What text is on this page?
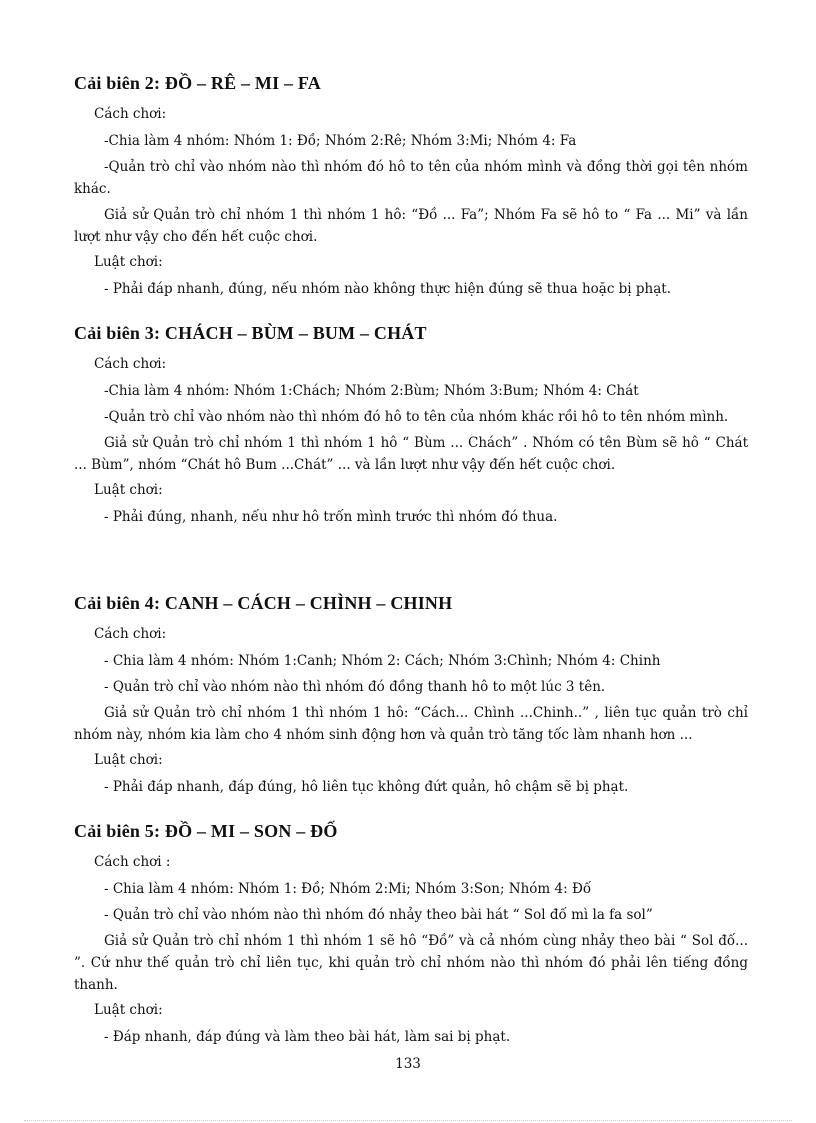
Cải biên 2: ĐỒ – RÊ – MI – FA

Cách chơi:

-Chia làm 4 nhóm: Nhóm 1: Đồ; Nhóm 2:Rê; Nhóm 3:Mi; Nhóm 4: Fa

-Quản trò chỉ vào nhóm nào thì nhóm đó hô to tên của nhóm mình và đồng thời gọi tên nhóm khác.

Giả sử Quản trò chỉ nhóm 1 thì nhóm 1 hô: “Đồ ... Fa”; Nhóm Fa sẽ hô to “ Fa ... Mi” và lần lượt như vậy cho đến hết cuộc chơi.

Luật chơi:

- Phải đáp nhanh, đúng, nếu nhóm nào không thực hiện đúng sẽ thua hoặc bị phạt.

Cải biên 3: CHÁCH – BÙM – BUM – CHÁT

Cách chơi:

-Chia làm 4 nhóm: Nhóm 1:Chách; Nhóm 2:Bùm; Nhóm 3:Bum; Nhóm 4: Chát

-Quản trò chỉ vào nhóm nào thì nhóm đó hô to tên của nhóm khác rồi hô to tên nhóm mình.

Giả sử Quản trò chỉ nhóm 1 thì nhóm 1 hô “ Bùm ... Chách” . Nhóm có tên Bùm sẽ hô “ Chát ... Bùm”, nhóm “Chát hô Bum ...Chát” ... và lần lượt như vậy đến hết cuộc chơi.

Luật chơi:

- Phải đúng, nhanh, nếu như hô trốn mình trước thì nhóm đó thua.

Cải biên 4: CANH – CÁCH – CHÌNH – CHINH

Cách chơi:

- Chia làm 4 nhóm: Nhóm 1:Canh; Nhóm 2: Cách; Nhóm 3:Chình; Nhóm 4: Chinh

- Quản trò chỉ vào nhóm nào thì nhóm đó đồng thanh hô to một lúc 3 tên.

Giả sử Quản trò chỉ nhóm 1 thì nhóm 1 hô: “Cách... Chình ...Chinh..” , liên tục quản trò chỉ nhóm này, nhóm kia làm cho 4 nhóm sinh động hơn và quản trò tăng tốc làm nhanh hơn ...

Luật chơi:

- Phải đáp nhanh, đáp đúng, hô liên tục không đứt quản, hô chậm sẽ bị phạt.

Cải biên 5: ĐỒ – MI – SON – ĐỐ

Cách chơi :

- Chia làm 4 nhóm: Nhóm 1: Đồ; Nhóm 2:Mi; Nhóm 3:Son; Nhóm 4: Đố

- Quản trò chỉ vào nhóm nào thì nhóm đó nhảy theo bài hát “ Sol đố mì la fa sol”

Giả sử Quản trò chỉ nhóm 1 thì nhóm 1 sẽ hô “Đồ” và cả nhóm cùng nhảy theo bài “ Sol đố... ”. Cứ như thế quản trò chỉ liên tục, khi quản trò chỉ nhóm nào thì nhóm đó phải lên tiếng đồng thanh.

Luật chơi:

- Đáp nhanh, đáp đúng và làm theo bài hát, làm sai bị phạt.

133
